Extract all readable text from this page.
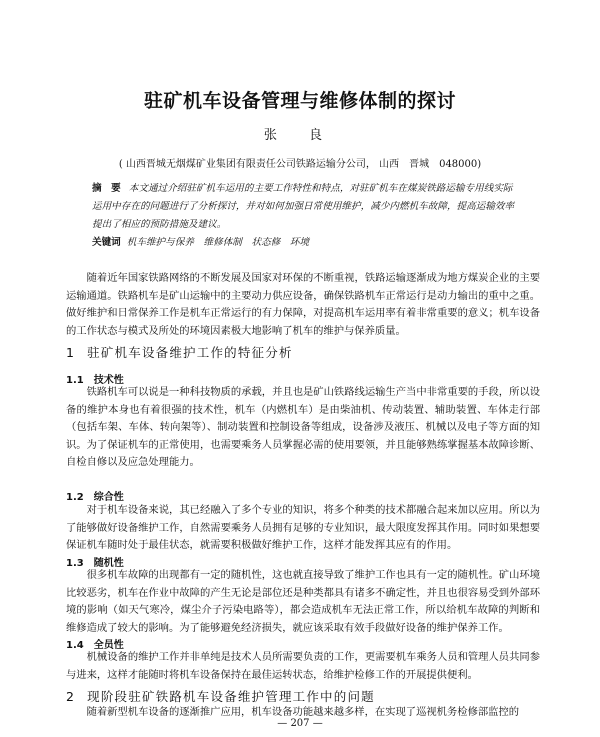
驻矿机车设备管理与维修体制的探讨
张 良
( 山西晋城无烟煤矿业集团有限责任公司铁路运输分公司， 山西　晋城　048000)
摘　要 本文通过介绍驻矿机车运用的主要工作特性和特点，对驻矿机车在煤炭铁路运输专用线实际运用中存在的问题进行了分析探讨，并对如何加强日常使用维护，减少内燃机车故障，提高运输效率提出了相应的预防措施及建议。
关键词 机车维护与保养　维修体制　状态修　环境

随着近年国家铁路网络的不断发展及国家对环保的不断重视，铁路运输逐渐成为地方煤炭企业的主要运输通道。铁路机车是矿山运输中的主要动力供应设备，确保铁路机车正常运行是动力输出的重中之重。做好维护和日常保养工作是机车正常运行的有力保障，对提高机车运用率有着非常重要的意义；机车设备的工作状态与模式及所处的环境因素极大地影响了机车的维护与保养质量。

1 驻矿机车设备维护工作的特征分析
1.1 技术性

铁路机车可以说是一种科技物质的承载，并且也是矿山铁路线运输生产当中非常重要的手段，所以设备的维护本身也有着很强的技术性，机车（内燃机车）是由柴油机、传动装置、辅助装置、车体走行部（包括车架、车体、转向架等）、制动装置和控制设备等组成，设备涉及液压、机械以及电子等方面的知识。为了保证机车的正常使用，也需要乘务人员掌握必需的使用要领，并且能够熟练掌握基本故障诊断、自检自修以及应急处理能力。

1.2 综合性

对于机车设备来说，其已经融入了多个专业的知识，将多个种类的技术都融合起来加以应用。所以为了能够做好设备维护工作，自然需要乘务人员拥有足够的专业知识，最大限度发挥其作用。同时如果想要保证机车随时处于最佳状态，就需要积极做好维护工作，这样才能发挥其应有的作用。

1.3 随机性

很多机车故障的出现都有一定的随机性，这也就直接导致了维护工作也具有一定的随机性。矿山环境比较恶劣，机车在作业中故障的产生无论是部位还是种类都具有诸多不确定性，并且也很容易受到外部环境的影响（如天气寒冷，煤尘介子污染电路等），都会造成机车无法正常工作，所以给机车故障的判断和维修造成了较大的影响。为了能够避免经济损失，就应该采取有效手段做好设备的维护保养工作。

1.4 全员性

机械设备的维护工作并非单纯是技术人员所需要负责的工作，更需要机车乘务人员和管理人员共同参与进来，这样才能随时将机车设备保持在最佳运转状态，给维护检修工作的开展提供便利。

2 现阶段驻矿铁路机车设备维护管理工作中的问题

随着新型机车设备的逐渐推广应用，机车设备功能越来越多样，在实现了巡视机务检修部监控的

— 207 —
